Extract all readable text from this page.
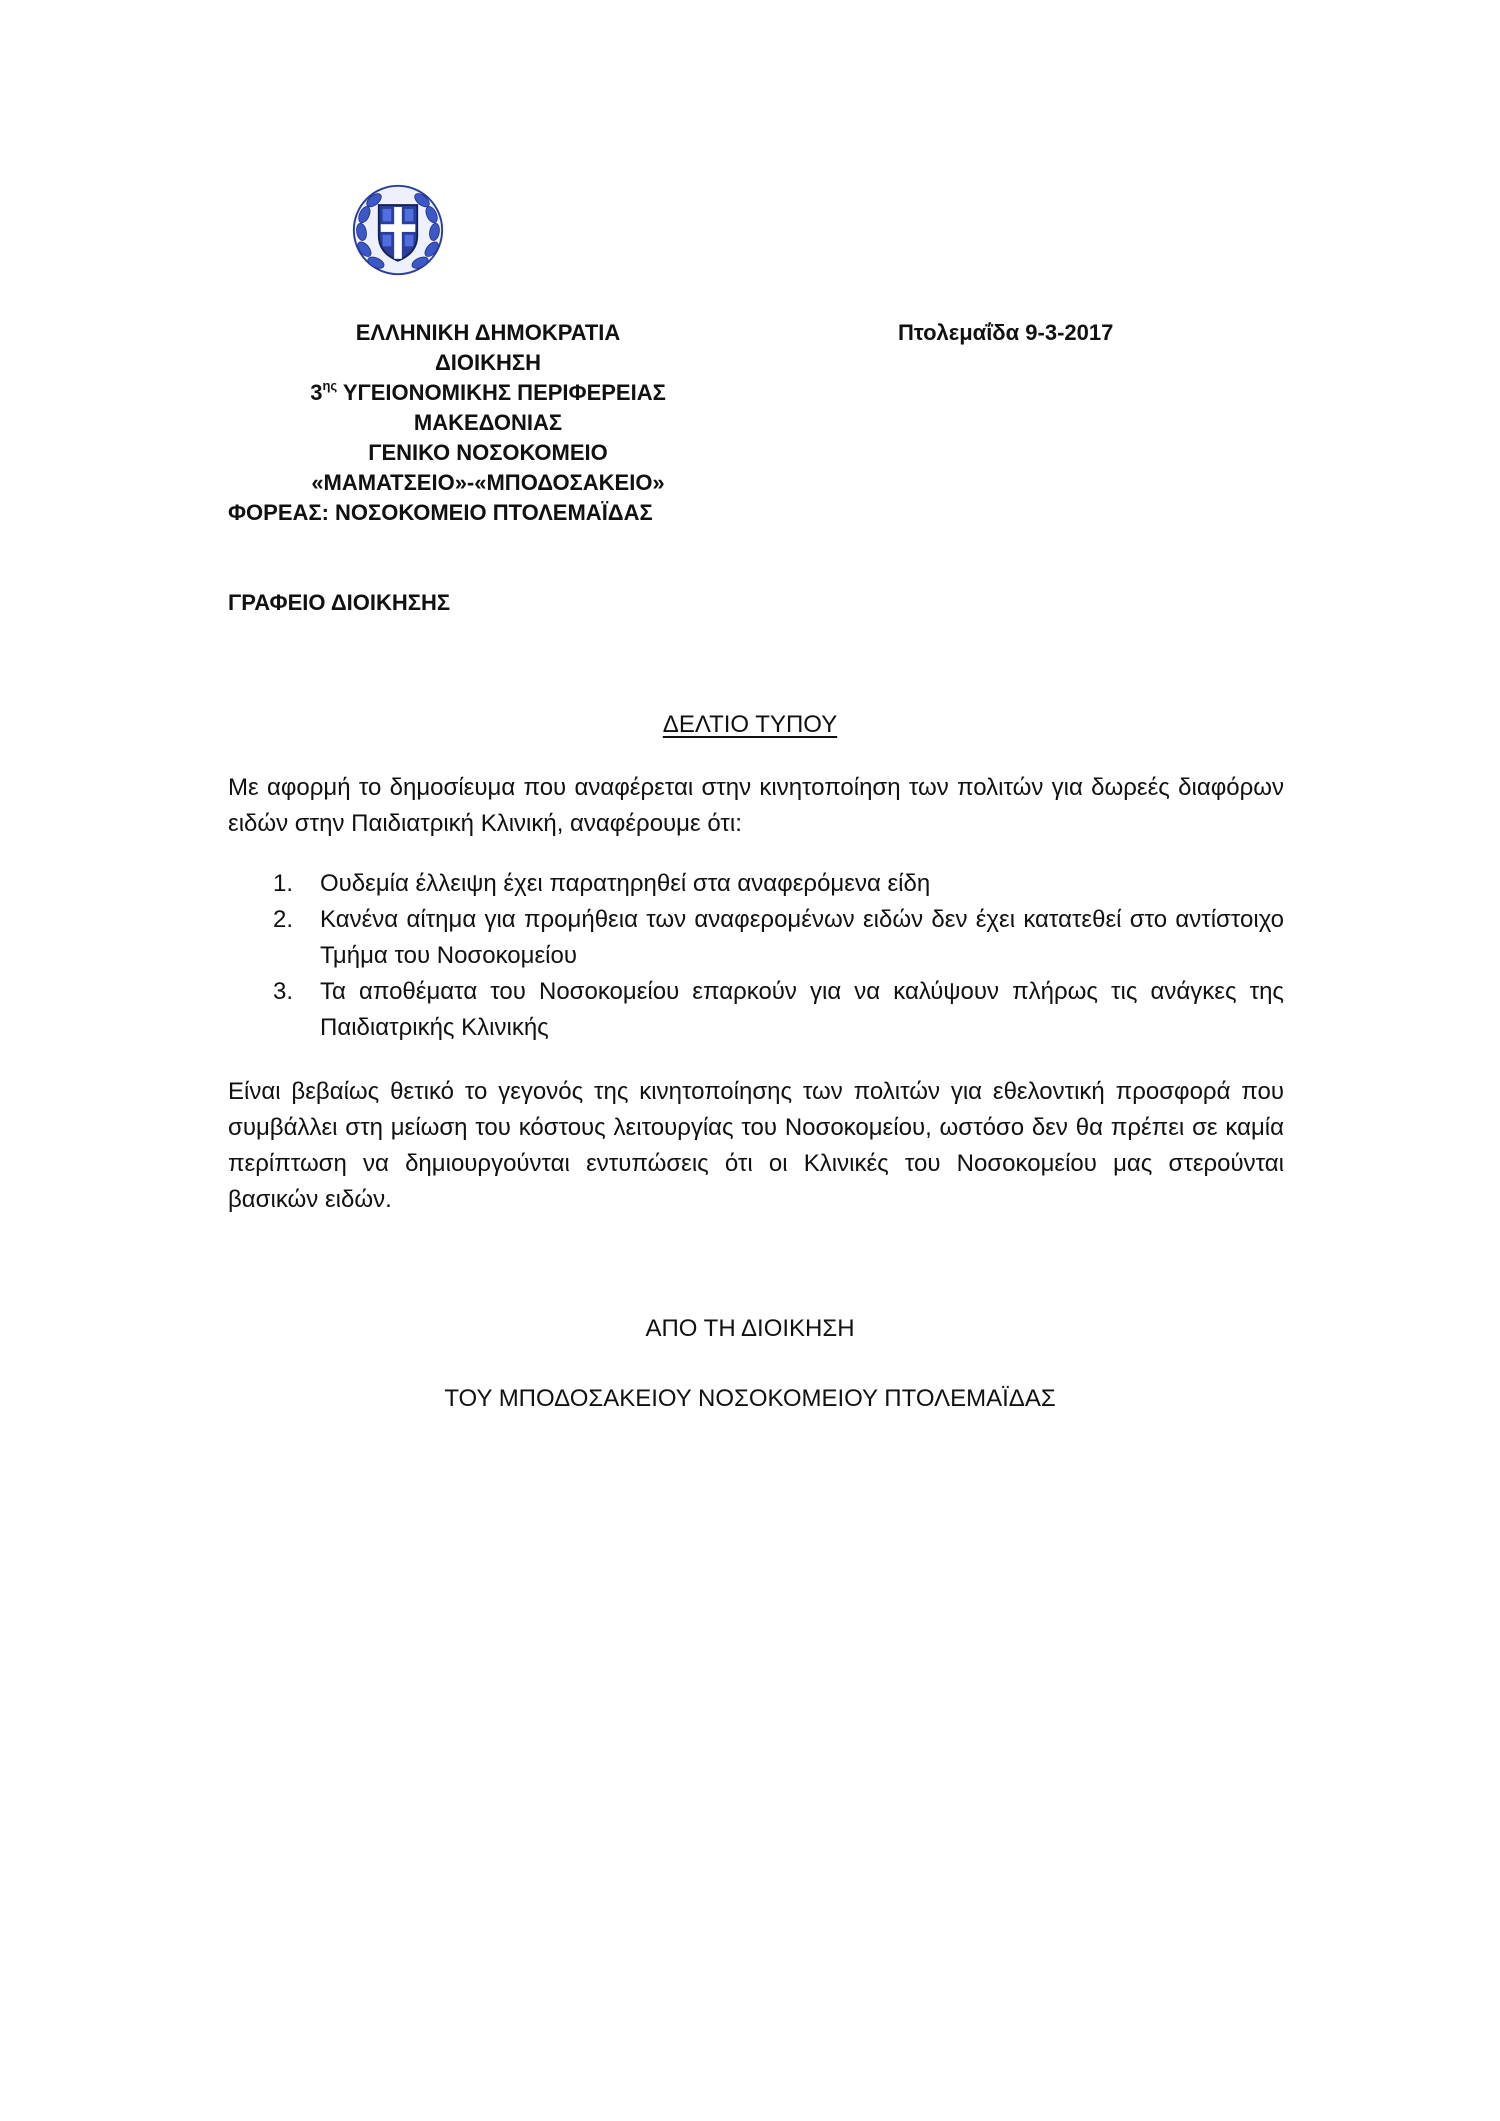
ΕΛΛΗΝΙΚΗ ΔΗΜΟΚΡΑΤΙΑ
ΔΙΟΙΚΗΣΗ
$3^{\eta\varsigma}$ ΥΓΕΙΟΝΟΜΙΚΗΣ ΠΕΡΙΦΕΡΕΙΑΣ
ΜΑΚΕΔΟΝΙΑΣ
ΓΕΝΙΚΟ ΝΟΣΟΚΟΜΕΙΟ
«ΜΑΜΑΤΣΕΙΟ»-«ΜΠΟΔΟΣΑΚΕΙΟ»
ΦΟΡΕΑΣ: ΝΟΣΟΚΟΜΕΙΟ ΠΤΟΛΕΜΑΪΔΑΣ
Πτολεμαΐδα 9-3-2017
ΓΡΑΦΕΙΟ ΔΙΟΙΚΗΣΗΣ
ΔΕΛΤΙΟ ΤΥΠΟΥ
Με αφορμή το δημοσίευμα που αναφέρεται στην κινητοποίηση των πολιτών για δωρεές διαφόρων ειδών στην Παιδιατρική Κλινική, αναφέρουμε ότι:
1. Ουδεμία έλλειψη έχει παρατηρηθεί στα αναφερόμενα είδη
2. Κανένα αίτημα για προμήθεια των αναφερομένων ειδών δεν έχει κατατεθεί στο αντίστοιχο Τμήμα του Νοσοκομείου
3. Τα αποθέματα του Νοσοκομείου επαρκούν για να καλύψουν πλήρως τις ανάγκες της Παιδιατρικής Κλινικής
Είναι βεβαίως θετικό το γεγονός της κινητοποίησης των πολιτών για εθελοντική προσφορά που συμβάλλει στη μείωση του κόστους λειτουργίας του Νοσοκομείου, ωστόσο δεν θα πρέπει σε καμία περίπτωση να δημιουργούνται εντυπώσεις ότι οι Κλινικές του Νοσοκομείου μας στερούνται βασικών ειδών.
ΑΠΟ ΤΗ ΔΙΟΙΚΗΣΗ
ΤΟΥ ΜΠΟΔΟΣΑΚΕΙΟΥ ΝΟΣΟΚΟΜΕΙΟΥ ΠΤΟΛΕΜΑΪΔΑΣ
